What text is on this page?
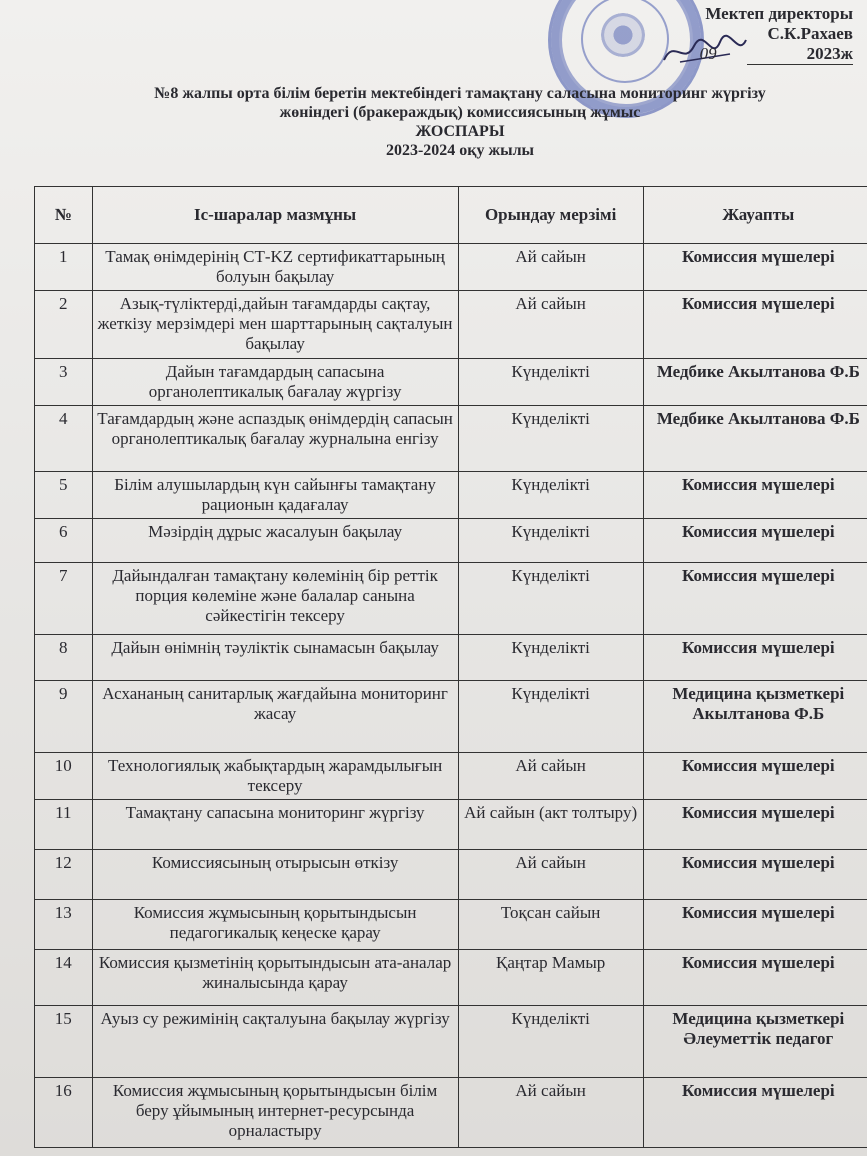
Мектеп директоры
С.К.Рахаев
09	2023ж
№8 жалпы орта білім беретін мектебіндегі тамақтану саласына мониторинг жүргізу
жөніндегі (бракераждық) комиссиясының жұмыс
ЖОСПАРЫ
2023-2024 оқу жылы
№	Іс-шаралар мазмұны	Орындау мерзімі	Жауапты
1	Тамақ өнімдерінің СТ-KZ сертификаттарының болуын бақылау	Ай сайын	Комиссия мүшелері
2	Азық-түліктерді,дайын тағамдарды сақтау, жеткізу мерзімдері мен шарттарының сақталуын бақылау	Ай сайын	Комиссия мүшелері
3	Дайын тағамдардың сапасына органолептикалық бағалау жүргізу	Күнделікті	Медбике Акылтанова Ф.Б
4	Тағамдардың және аспаздық өнімдердің сапасын органолептикалық бағалау журналына енгізу	Күнделікті	Медбике Акылтанова Ф.Б
5	Білім алушылардың күн сайынғы тамақтану рационын қадағалау	Күнделікті	Комиссия мүшелері
6	Мәзірдің дұрыс жасалуын бақылау	Күнделікті	Комиссия мүшелері
7	Дайындалған тамақтану көлемінің бір реттік порция көлеміне және балалар санына сәйкестігін тексеру	Күнделікті	Комиссия мүшелері
8	Дайын өнімнің тәуліктік сынамасын бақылау	Күнделікті	Комиссия мүшелері
9	Асхананың санитарлық жағдайына мониторинг жасау	Күнделікті	Медицина қызметкері Акылтанова Ф.Б
10	Технологиялық жабықтардың жарамдылығын тексеру	Ай сайын	Комиссия мүшелері
11	Тамақтану сапасына мониторинг жүргізу	Ай сайын (акт толтыру)	Комиссия мүшелері
12	Комиссиясының отырысын өткізу	Ай сайын	Комиссия мүшелері
13	Комиссия жұмысының қорытындысын педагогикалық кеңеске қарау	Тоқсан сайын	Комиссия мүшелері
14	Комиссия қызметінің қорытындысын ата-аналар жиналысында қарау	Қаңтар Мамыр	Комиссия мүшелері
15	Ауыз су режимінің сақталуына бақылау жүргізу	Күнделікті	Медицина қызметкері Әлеуметтік педагог
16	Комиссия жұмысының қорытындысын білім беру ұйымының интернет-ресурсында орналастыру	Ай сайын	Комиссия мүшелері
